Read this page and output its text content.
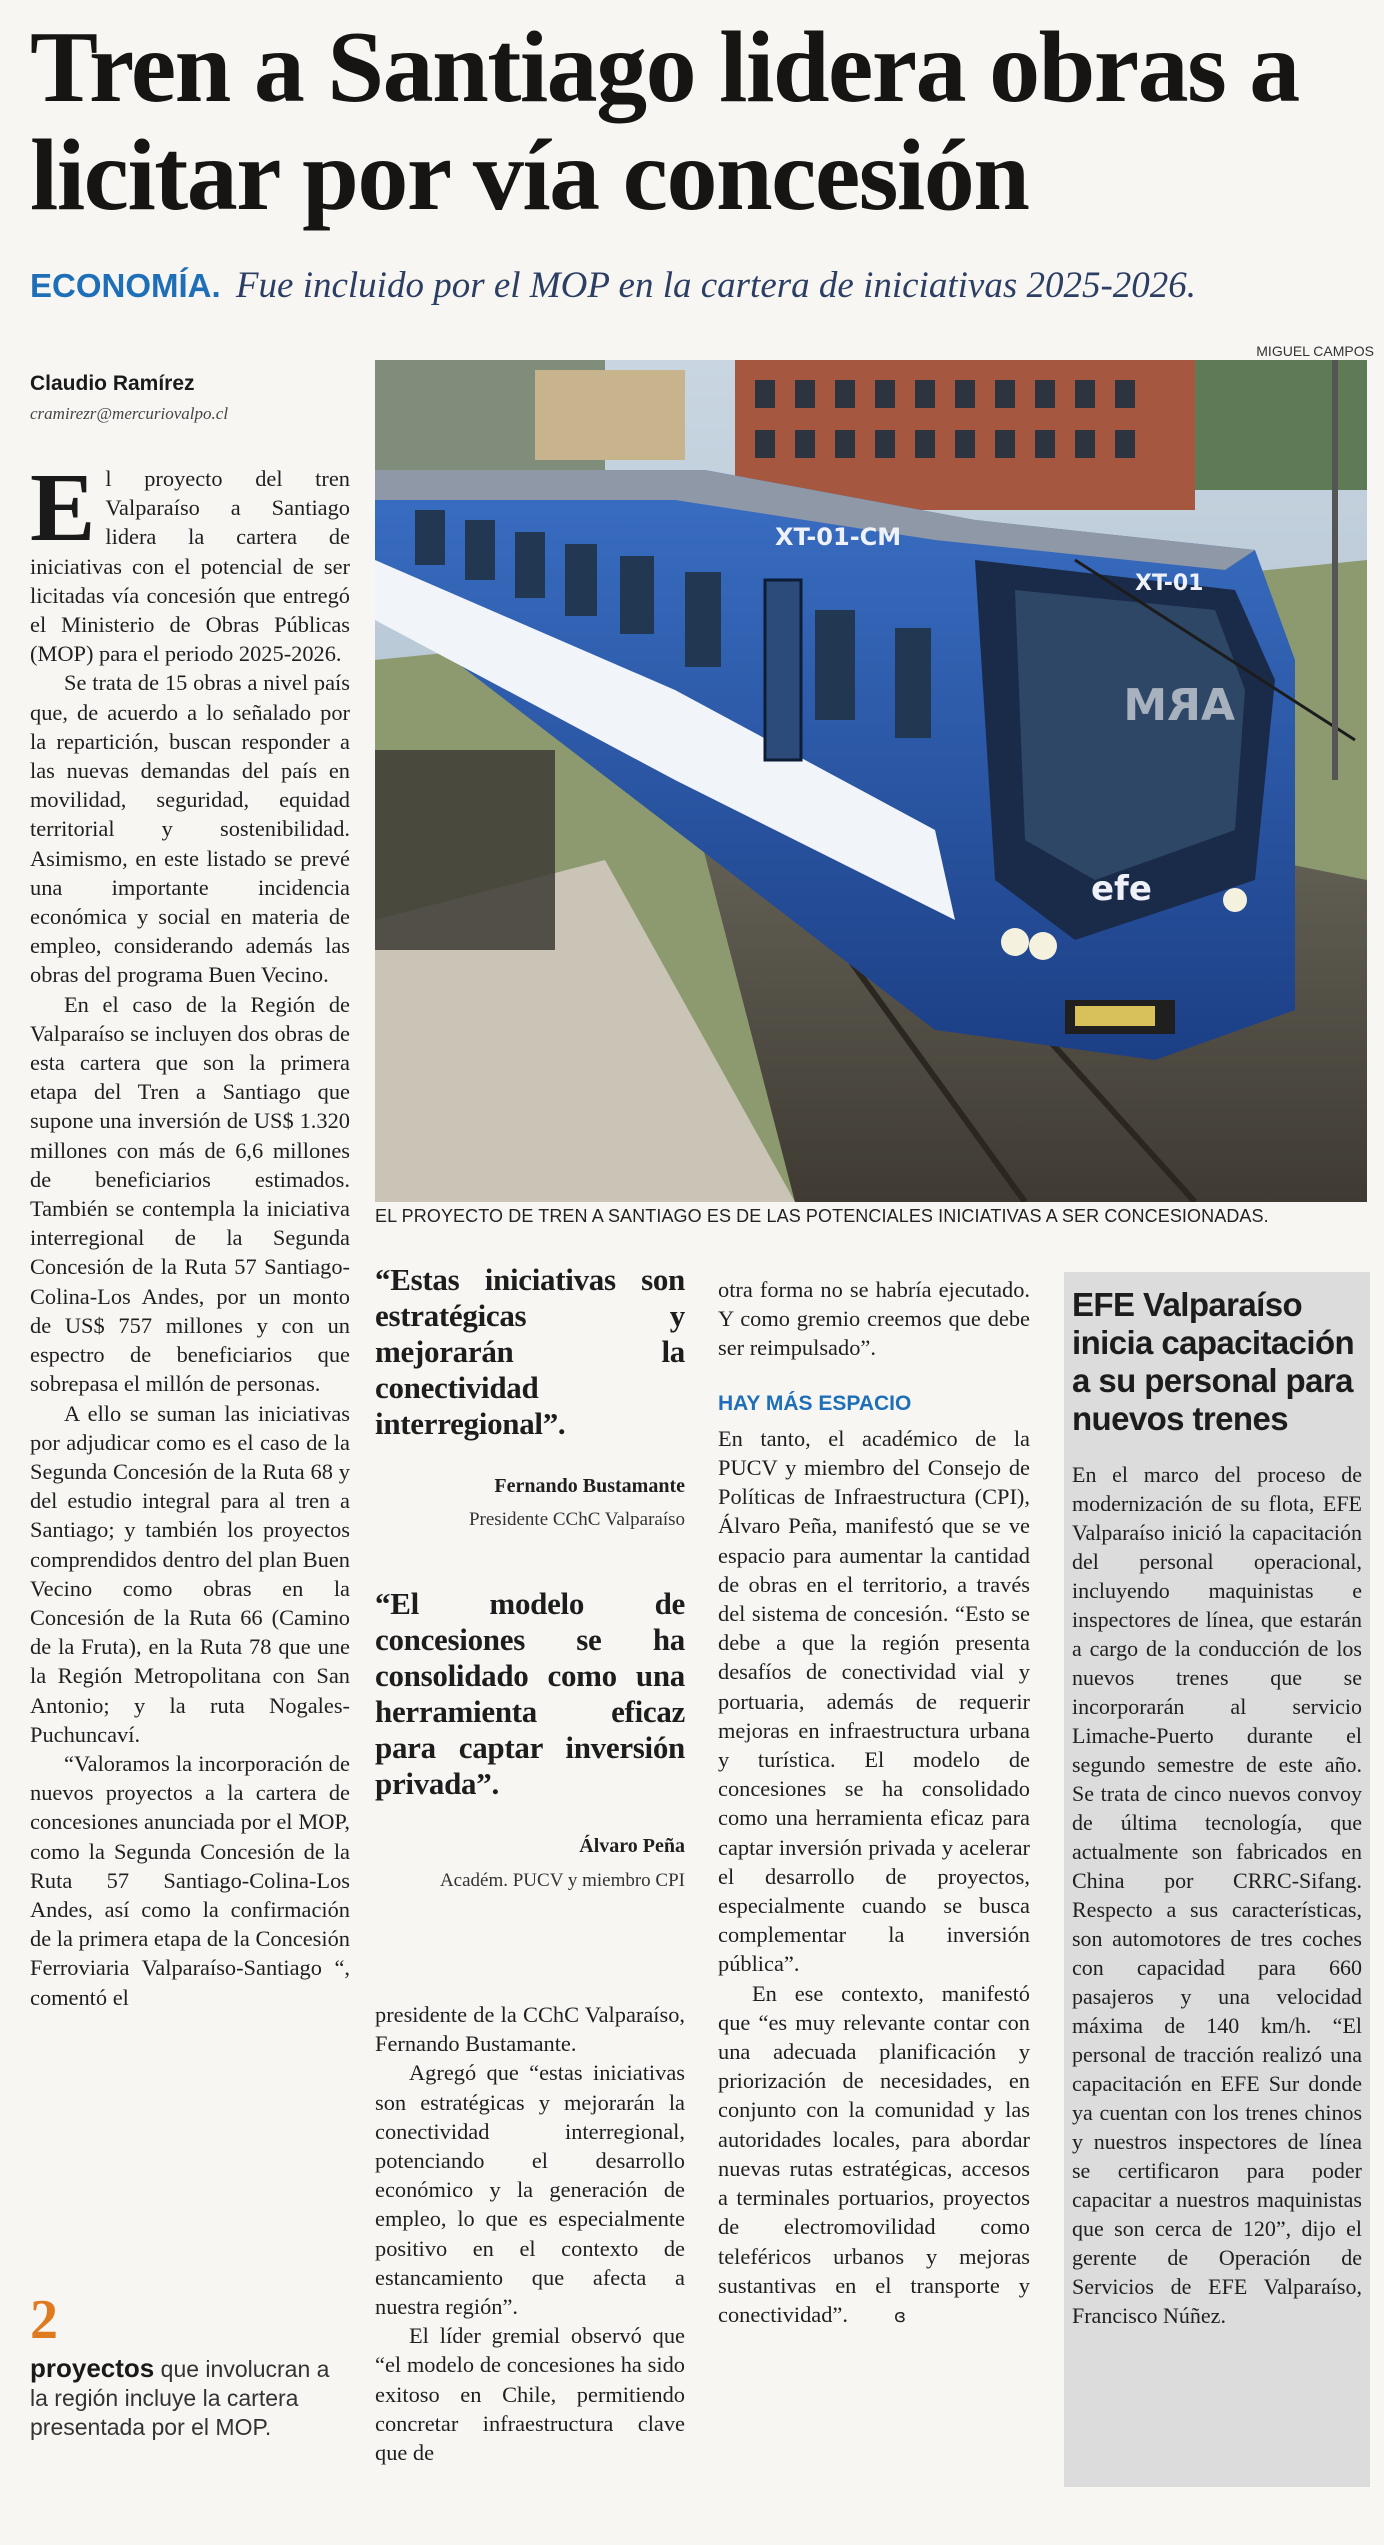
Tren a Santiago lidera obras a licitar por vía concesión
ECONOMÍA. Fue incluido por el MOP en la cartera de iniciativas 2025-2026.
Claudio Ramírez
cramirezr@mercuriovalpo.cl
MIGUEL CAMPOS
XT-01
XT-01-CM
efe
ARM
EL PROYECTO DE TREN A SANTIAGO ES DE LAS POTENCIALES INICIATIVAS A SER CONCESIONADAS.

El proyecto del tren Valparaíso a Santiago lidera la cartera de iniciativas con el potencial de ser licitadas vía concesión que entregó el Ministerio de Obras Públicas (MOP) para el periodo 2025-2026.

Se trata de 15 obras a nivel país que, de acuerdo a lo señalado por la repartición, buscan responder a las nuevas demandas del país en movilidad, seguridad, equidad territorial y sostenibilidad. Asimismo, en este listado se prevé una importante incidencia económica y social en materia de empleo, considerando además las obras del programa Buen Vecino.

En el caso de la Región de Valparaíso se incluyen dos obras de esta cartera que son la primera etapa del Tren a Santiago que supone una inversión de US$ 1.320 millones con más de 6,6 millones de beneficiarios estimados. También se contempla la iniciativa interregional de la Segunda Concesión de la Ruta 57 Santiago-Colina-Los Andes, por un monto de US$ 757 millones y con un espectro de beneficiarios que sobrepasa el millón de personas.

A ello se suman las iniciativas por adjudicar como es el caso de la Segunda Concesión de la Ruta 68 y del estudio integral para al tren a Santiago; y también los proyectos comprendidos dentro del plan Buen Vecino como obras en la Concesión de la Ruta 66 (Camino de la Fruta), en la Ruta 78 que une la Región Metropolitana con San Antonio; y la ruta Nogales-Puchuncaví.

“Valoramos la incorporación de nuevos proyectos a la cartera de concesiones anunciada por el MOP, como la Segunda Concesión de la Ruta 57 Santiago-Colina-Los Andes, así como la confirmación de la primera etapa de la Concesión Ferroviaria Valparaíso-Santiago “, comentó el

“Estas iniciativas son estratégicas y mejorarán la conectividad interregional”.
Fernando Bustamante
Presidente CChC Valparaíso
“El modelo de concesiones se ha consolidado como una herramienta eficaz para captar inversión privada”.
Álvaro Peña
Académ. PUCV y miembro CPI

presidente de la CChC Valparaíso, Fernando Bustamante.

Agregó que “estas iniciativas son estratégicas y mejorarán la conectividad interregional, potenciando el desarrollo económico y la generación de empleo, lo que es especialmente positivo en el contexto de estancamiento que afecta a nuestra región”.

El líder gremial observó que “el modelo de concesiones ha sido exitoso en Chile, permitiendo concretar infraestructura clave que de

otra forma no se habría ejecutado. Y como gremio creemos que debe ser reimpulsado”.

HAY MÁS ESPACIO

En tanto, el académico de la PUCV y miembro del Consejo de Políticas de Infraestructura (CPI), Álvaro Peña, manifestó que se ve espacio para aumentar la cantidad de obras en el territorio, a través del sistema de concesión. “Esto se debe a que la región presenta desafíos de conectividad vial y portuaria, además de requerir mejoras en infraestructura urbana y turística. El modelo de concesiones se ha consolidado como una herramienta eficaz para captar inversión privada y acelerar el desarrollo de proyectos, especialmente cuando se busca complementar la inversión pública”.

En ese contexto, manifestó que “es muy relevante contar con una adecuada planificación y priorización de necesidades, en conjunto con la comunidad y las autoridades locales, para abordar nuevas rutas estratégicas, accesos a terminales portuarios, proyectos de electromovilidad como teleféricos urbanos y mejoras sustantivas en el transporte y conectividad”.	ɞ

EFE Valparaíso inicia capacitación a su personal para nuevos trenes
En el marco del proceso de modernización de su flota, EFE Valparaíso inició la capacitación del personal operacional, incluyendo maquinistas e inspectores de línea, que estarán a cargo de la conducción de los nuevos trenes que se incorporarán al servicio Limache-Puerto durante el segundo semestre de este año. Se trata de cinco nuevos convoy de última tecnología, que actualmente son fabricados en China por CRRC-Sifang. Respecto a sus características, son automotores de tres coches con capacidad para 660 pasajeros y una velocidad máxima de 140 km/h. “El personal de tracción realizó una capacitación en EFE Sur donde ya cuentan con los trenes chinos y nuestros inspectores de línea se certificaron para poder capacitar a nuestros maquinistas que son cerca de 120”, dijo el gerente de Operación de Servicios de EFE Valparaíso, Francisco Núñez.
2
proyectos que involucran a la región incluye la cartera presentada por el MOP.
